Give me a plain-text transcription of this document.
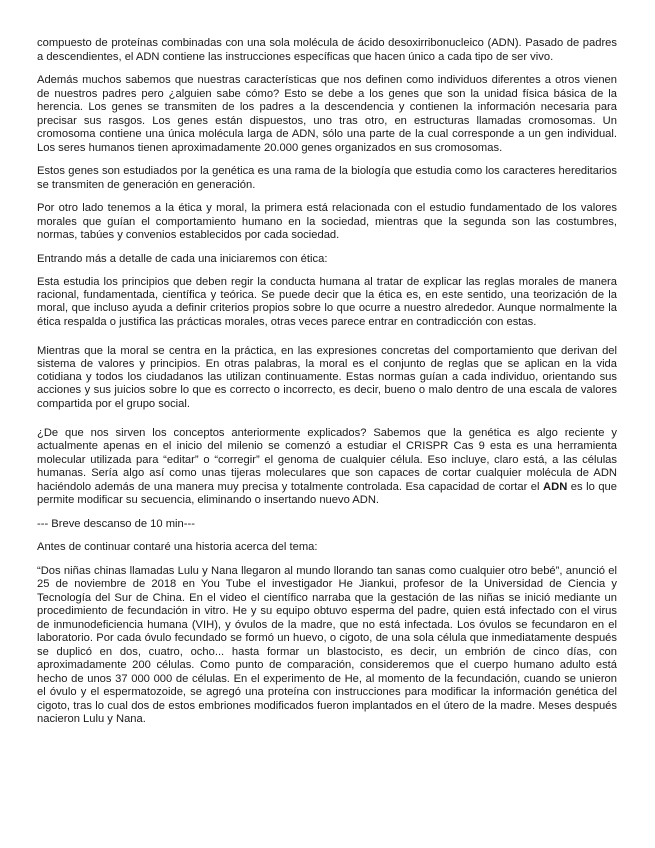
compuesto de proteínas combinadas con una sola molécula de ácido desoxirribonucleico (ADN). Pasado de padres a descendientes, el ADN contiene las instrucciones específicas que hacen único a cada tipo de ser vivo.

Además muchos sabemos que nuestras características que nos definen como individuos diferentes a otros vienen de nuestros padres pero ¿alguien sabe cómo? Esto se debe a los genes que son la unidad física básica de la herencia. Los genes se transmiten de los padres a la descendencia y contienen la información necesaria para precisar sus rasgos. Los genes están dispuestos, uno tras otro, en estructuras llamadas cromosomas. Un cromosoma contiene una única molécula larga de ADN, sólo una parte de la cual corresponde a un gen individual. Los seres humanos tienen aproximadamente 20.000 genes organizados en sus cromosomas.

Estos genes son estudiados por la genética es una rama de la biología que estudia como los caracteres hereditarios se transmiten de generación en generación.

Por otro lado tenemos a la ética y moral, la primera está relacionada con el estudio fundamentado de los valores morales que guían el comportamiento humano en la sociedad, mientras que la segunda son las costumbres, normas, tabúes y convenios establecidos por cada sociedad.

Entrando más a detalle de cada una iniciaremos con ética:

Esta estudia los principios que deben regir la conducta humana al tratar de explicar las reglas morales de manera racional, fundamentada, científica y teórica. Se puede decir que la ética es, en este sentido, una teorización de la moral, que incluso ayuda a definir criterios propios sobre lo que ocurre a nuestro alrededor. Aunque normalmente la ética respalda o justifica las prácticas morales, otras veces parece entrar en contradicción con estas.

Mientras que la moral se centra en la práctica, en las expresiones concretas del comportamiento que derivan del sistema de valores y principios. En otras palabras, la moral es el conjunto de reglas que se aplican en la vida cotidiana y todos los ciudadanos las utilizan continuamente. Estas normas guían a cada individuo, orientando sus acciones y sus juicios sobre lo que es correcto o incorrecto, es decir, bueno o malo dentro de una escala de valores compartida por el grupo social.

¿De que nos sirven los conceptos anteriormente explicados? Sabemos que la genética es algo reciente y actualmente apenas en el inicio del milenio se comenzó a estudiar el CRISPR Cas 9 esta es una herramienta molecular utilizada para “editar” o “corregir” el genoma de cualquier célula. Eso incluye, claro está, a las células humanas. Sería algo así como unas tijeras moleculares que son capaces de cortar cualquier molécula de ADN haciéndolo además de una manera muy precisa y totalmente controlada. Esa capacidad de cortar el ADN es lo que permite modificar su secuencia, eliminando o insertando nuevo ADN.

--- Breve descanso de 10 min---

Antes de continuar contaré una historia acerca del tema:

“Dos niñas chinas llamadas Lulu y Nana llegaron al mundo llorando tan sanas como cualquier otro bebé”, anunció el 25 de noviembre de 2018 en You Tube el investigador He Jiankui, profesor de la Universidad de Ciencia y Tecnología del Sur de China. En el video el científico narraba que la gestación de las niñas se inició mediante un procedimiento de fecundación in vitro. He y su equipo obtuvo esperma del padre, quien está infectado con el virus de inmunodeficiencia humana (VIH), y óvulos de la madre, que no está infectada. Los óvulos se fecundaron en el laboratorio. Por cada óvulo fecundado se formó un huevo, o cigoto, de una sola célula que inmediatamente después se duplicó en dos, cuatro, ocho... hasta formar un blastocisto, es decir, un embrión de cinco días, con aproximadamente 200 células. Como punto de comparación, consideremos que el cuerpo humano adulto está hecho de unos 37 000 000 de células. En el experimento de He, al momento de la fecundación, cuando se unieron el óvulo y el espermatozoide, se agregó una proteína con instrucciones para modificar la información genética del cigoto, tras lo cual dos de estos embriones modificados fueron implantados en el útero de la madre. Meses después nacieron Lulu y Nana.
